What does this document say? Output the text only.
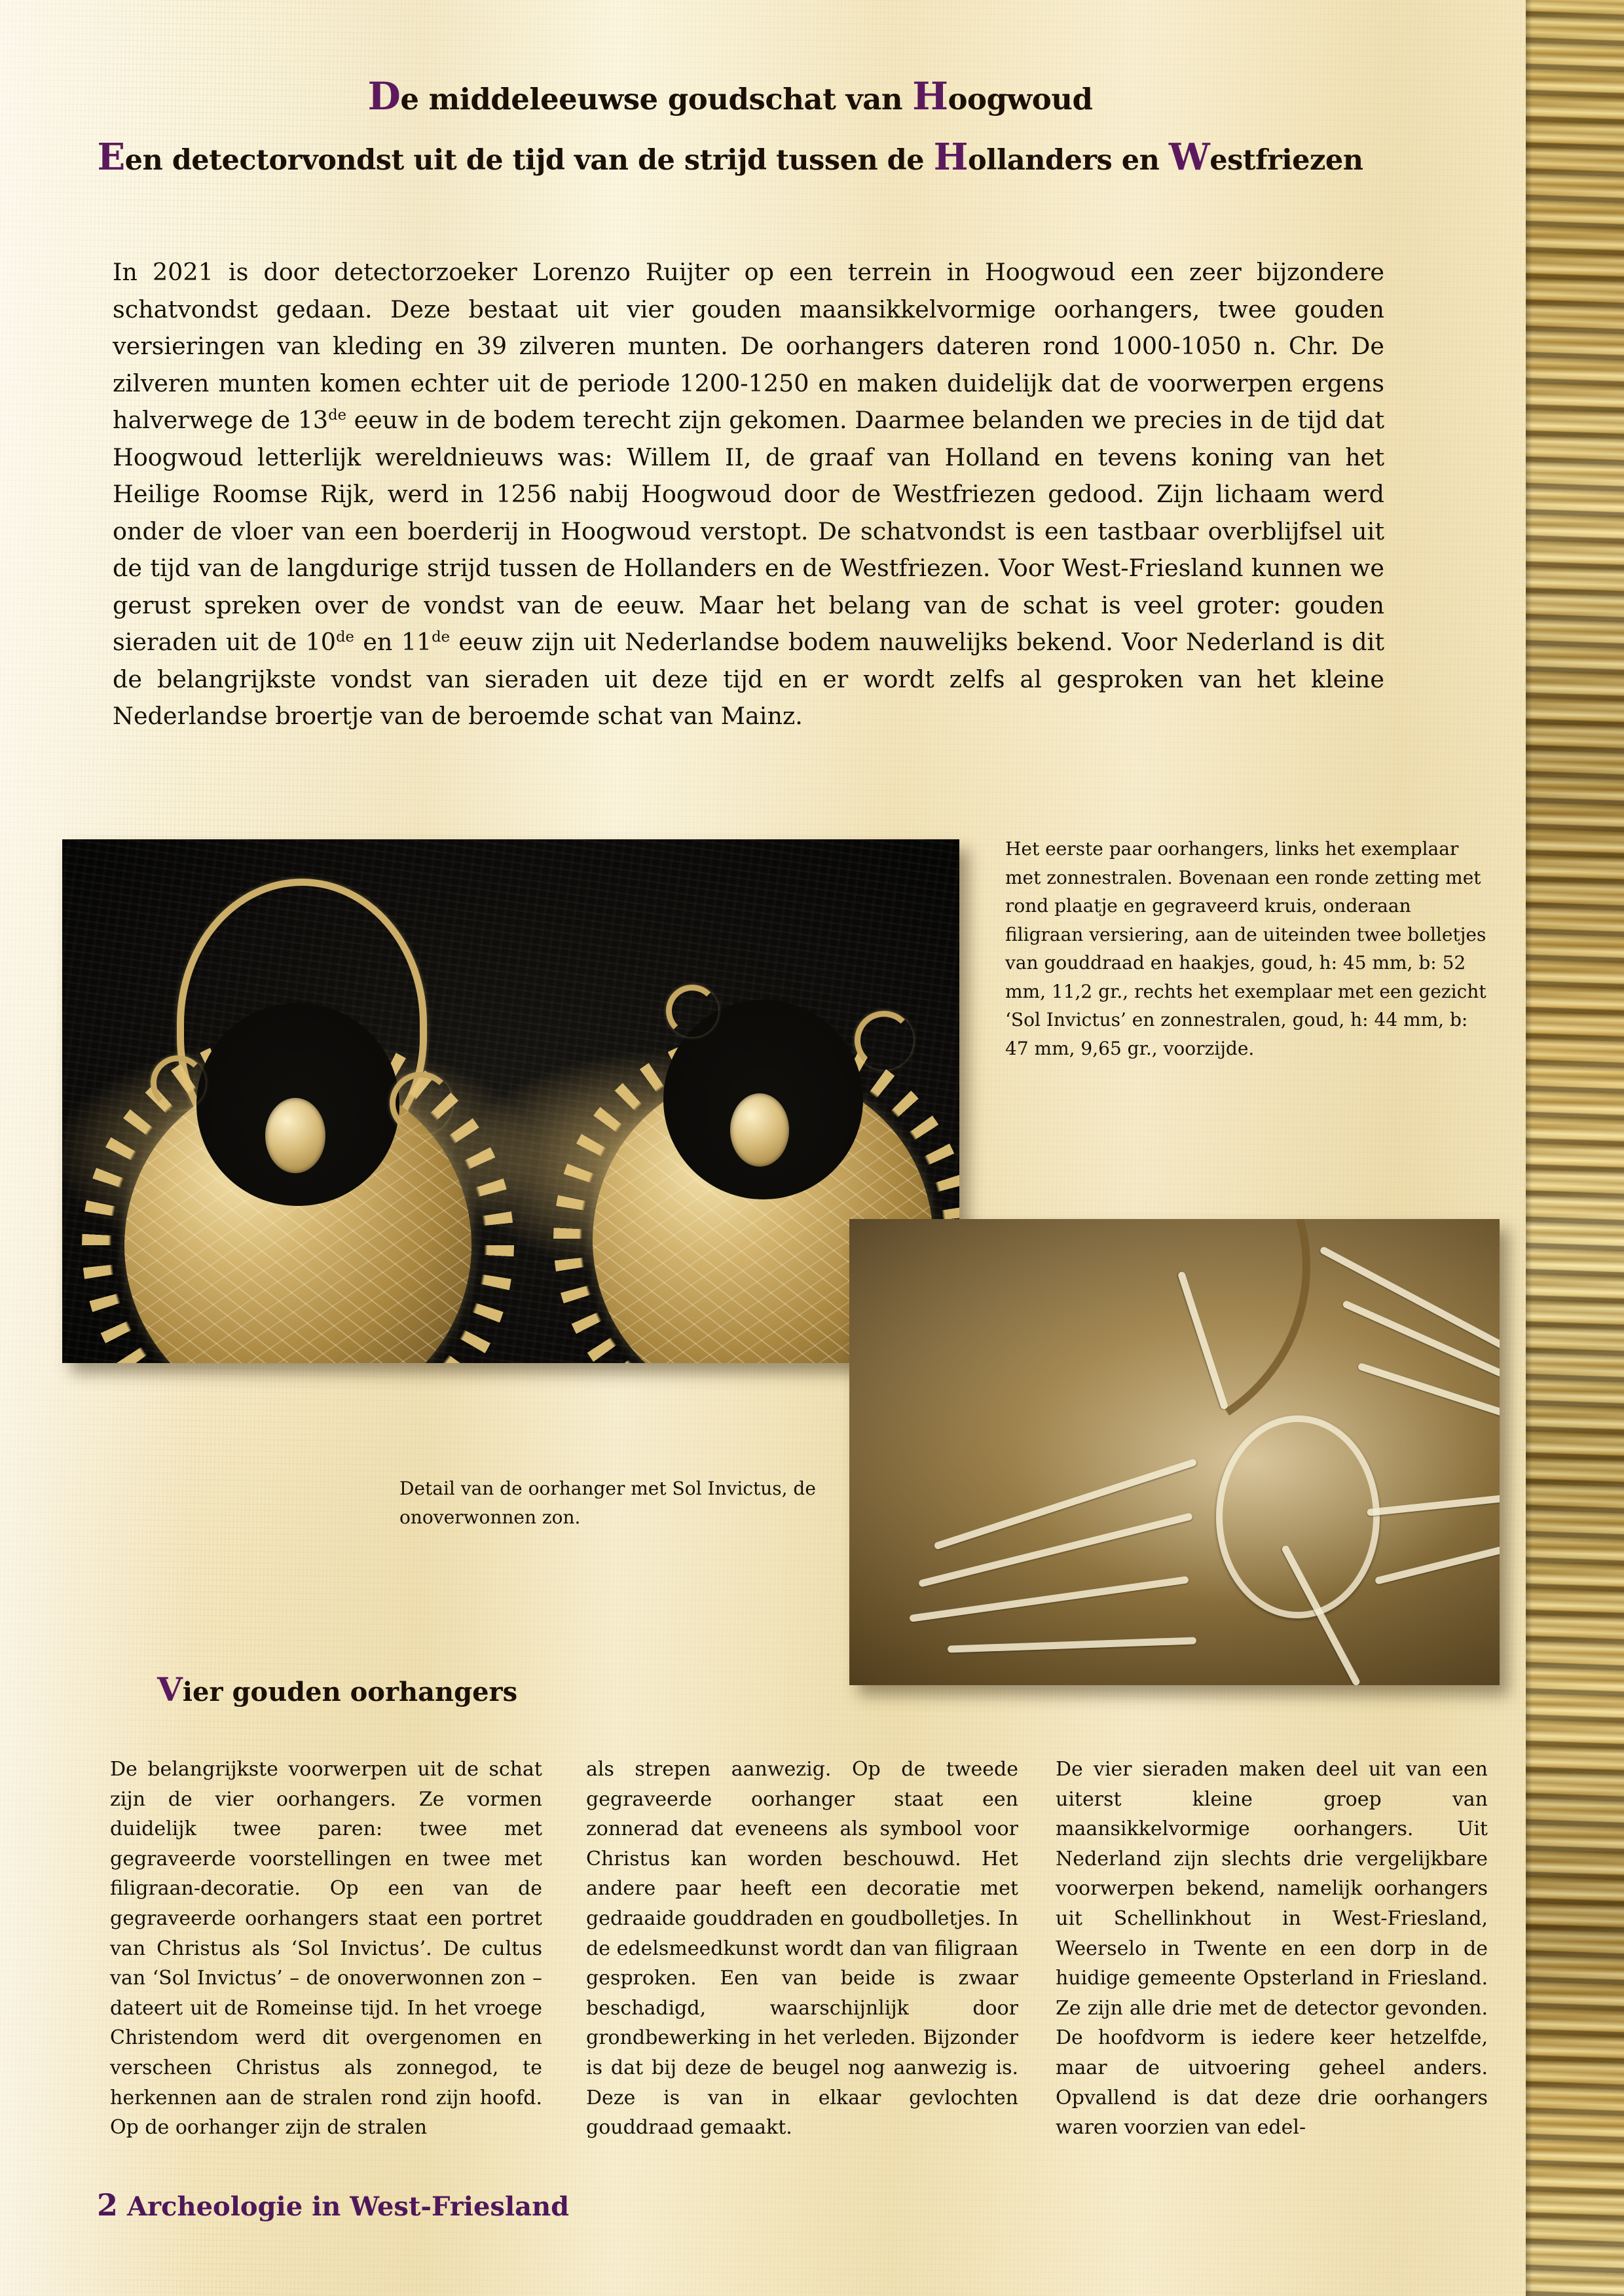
De middeleeuwse goudschat van Hoogwoud
Een detectorvondst uit de tijd van de strijd tussen de Hollanders en Westfriezen
In 2021 is door detectorzoeker Lorenzo Ruijter op een terrein in Hoogwoud een zeer bijzondere schatvondst gedaan. Deze bestaat uit vier gouden maansikkelvormige oorhangers, twee gouden versieringen van kleding en 39 zilveren munten. De oorhangers dateren rond 1000-1050 n. Chr. De zilveren munten komen echter uit de periode 1200-1250 en maken duidelijk dat de voorwerpen ergens halverwege de 13de eeuw in de bodem terecht zijn gekomen. Daarmee belanden we precies in de tijd dat Hoogwoud letterlijk wereldnieuws was: Willem II, de graaf van Holland en tevens koning van het Heilige Roomse Rijk, werd in 1256 nabij Hoogwoud door de Westfriezen gedood. Zijn lichaam werd onder de vloer van een boerderij in Hoogwoud verstopt. De schatvondst is een tastbaar overblijfsel uit de tijd van de langdurige strijd tussen de Hollanders en de Westfriezen. Voor West-Friesland kunnen we gerust spreken over de vondst van de eeuw. Maar het belang van de schat is veel groter: gouden sieraden uit de 10de en 11de eeuw zijn uit Nederlandse bodem nauwelijks bekend. Voor Nederland is dit de belangrijkste vondst van sieraden uit deze tijd en er wordt zelfs al gesproken van het kleine Nederlandse broertje van de beroemde schat van Mainz.
Het eerste paar oorhangers, links het exemplaar met zonnestralen. Bovenaan een ronde zetting met rond plaatje en gegraveerd kruis, onderaan filigraan versiering, aan de uiteinden twee bolletjes van gouddraad en haakjes, goud, h: 45 mm, b: 52 mm, 11,2 gr., rechts het exemplaar met een gezicht ‘Sol Invictus’ en zonnestralen, goud, h: 44 mm, b: 47 mm, 9,65 gr., voorzijde.
Detail van de oorhanger met Sol Invictus, de onoverwonnen zon.
Vier gouden oorhangers
De belangrijkste voorwerpen uit de schat zijn de vier oorhangers. Ze vormen duidelijk twee paren: twee met gegraveerde voorstellingen en twee met filigraan-decoratie. Op een van de gegraveerde oorhangers staat een portret van Christus als ‘Sol Invictus’. De cultus van ‘Sol Invictus’ – de onoverwonnen zon – dateert uit de Romeinse tijd. In het vroege Christendom werd dit overgenomen en verscheen Christus als zonnegod, te herkennen aan de stralen rond zijn hoofd. Op de oorhanger zijn de stralen
als strepen aanwezig. Op de tweede gegraveerde oorhanger staat een zonnerad dat eveneens als symbool voor Christus kan worden beschouwd. Het andere paar heeft een decoratie met gedraaide gouddraden en goudbolletjes. In de edelsmeedkunst wordt dan van filigraan gesproken. Een van beide is zwaar beschadigd, waarschijnlijk door grondbewerking in het verleden. Bijzonder is dat bij deze de beugel nog aanwezig is. Deze is van in elkaar gevlochten gouddraad gemaakt.
De vier sieraden maken deel uit van een uiterst kleine groep van maansikkelvormige oorhangers. Uit Nederland zijn slechts drie vergelijkbare voorwerpen bekend, namelijk oorhangers uit Schellinkhout in West-Friesland, Weerselo in Twente en een dorp in de huidige gemeente Opsterland in Friesland. Ze zijn alle drie met de detector gevonden. De hoofdvorm is iedere keer hetzelfde, maar de uitvoering geheel anders. Opvallend is dat deze drie oorhangers waren voorzien van edel-
2 Archeologie in West-Friesland
